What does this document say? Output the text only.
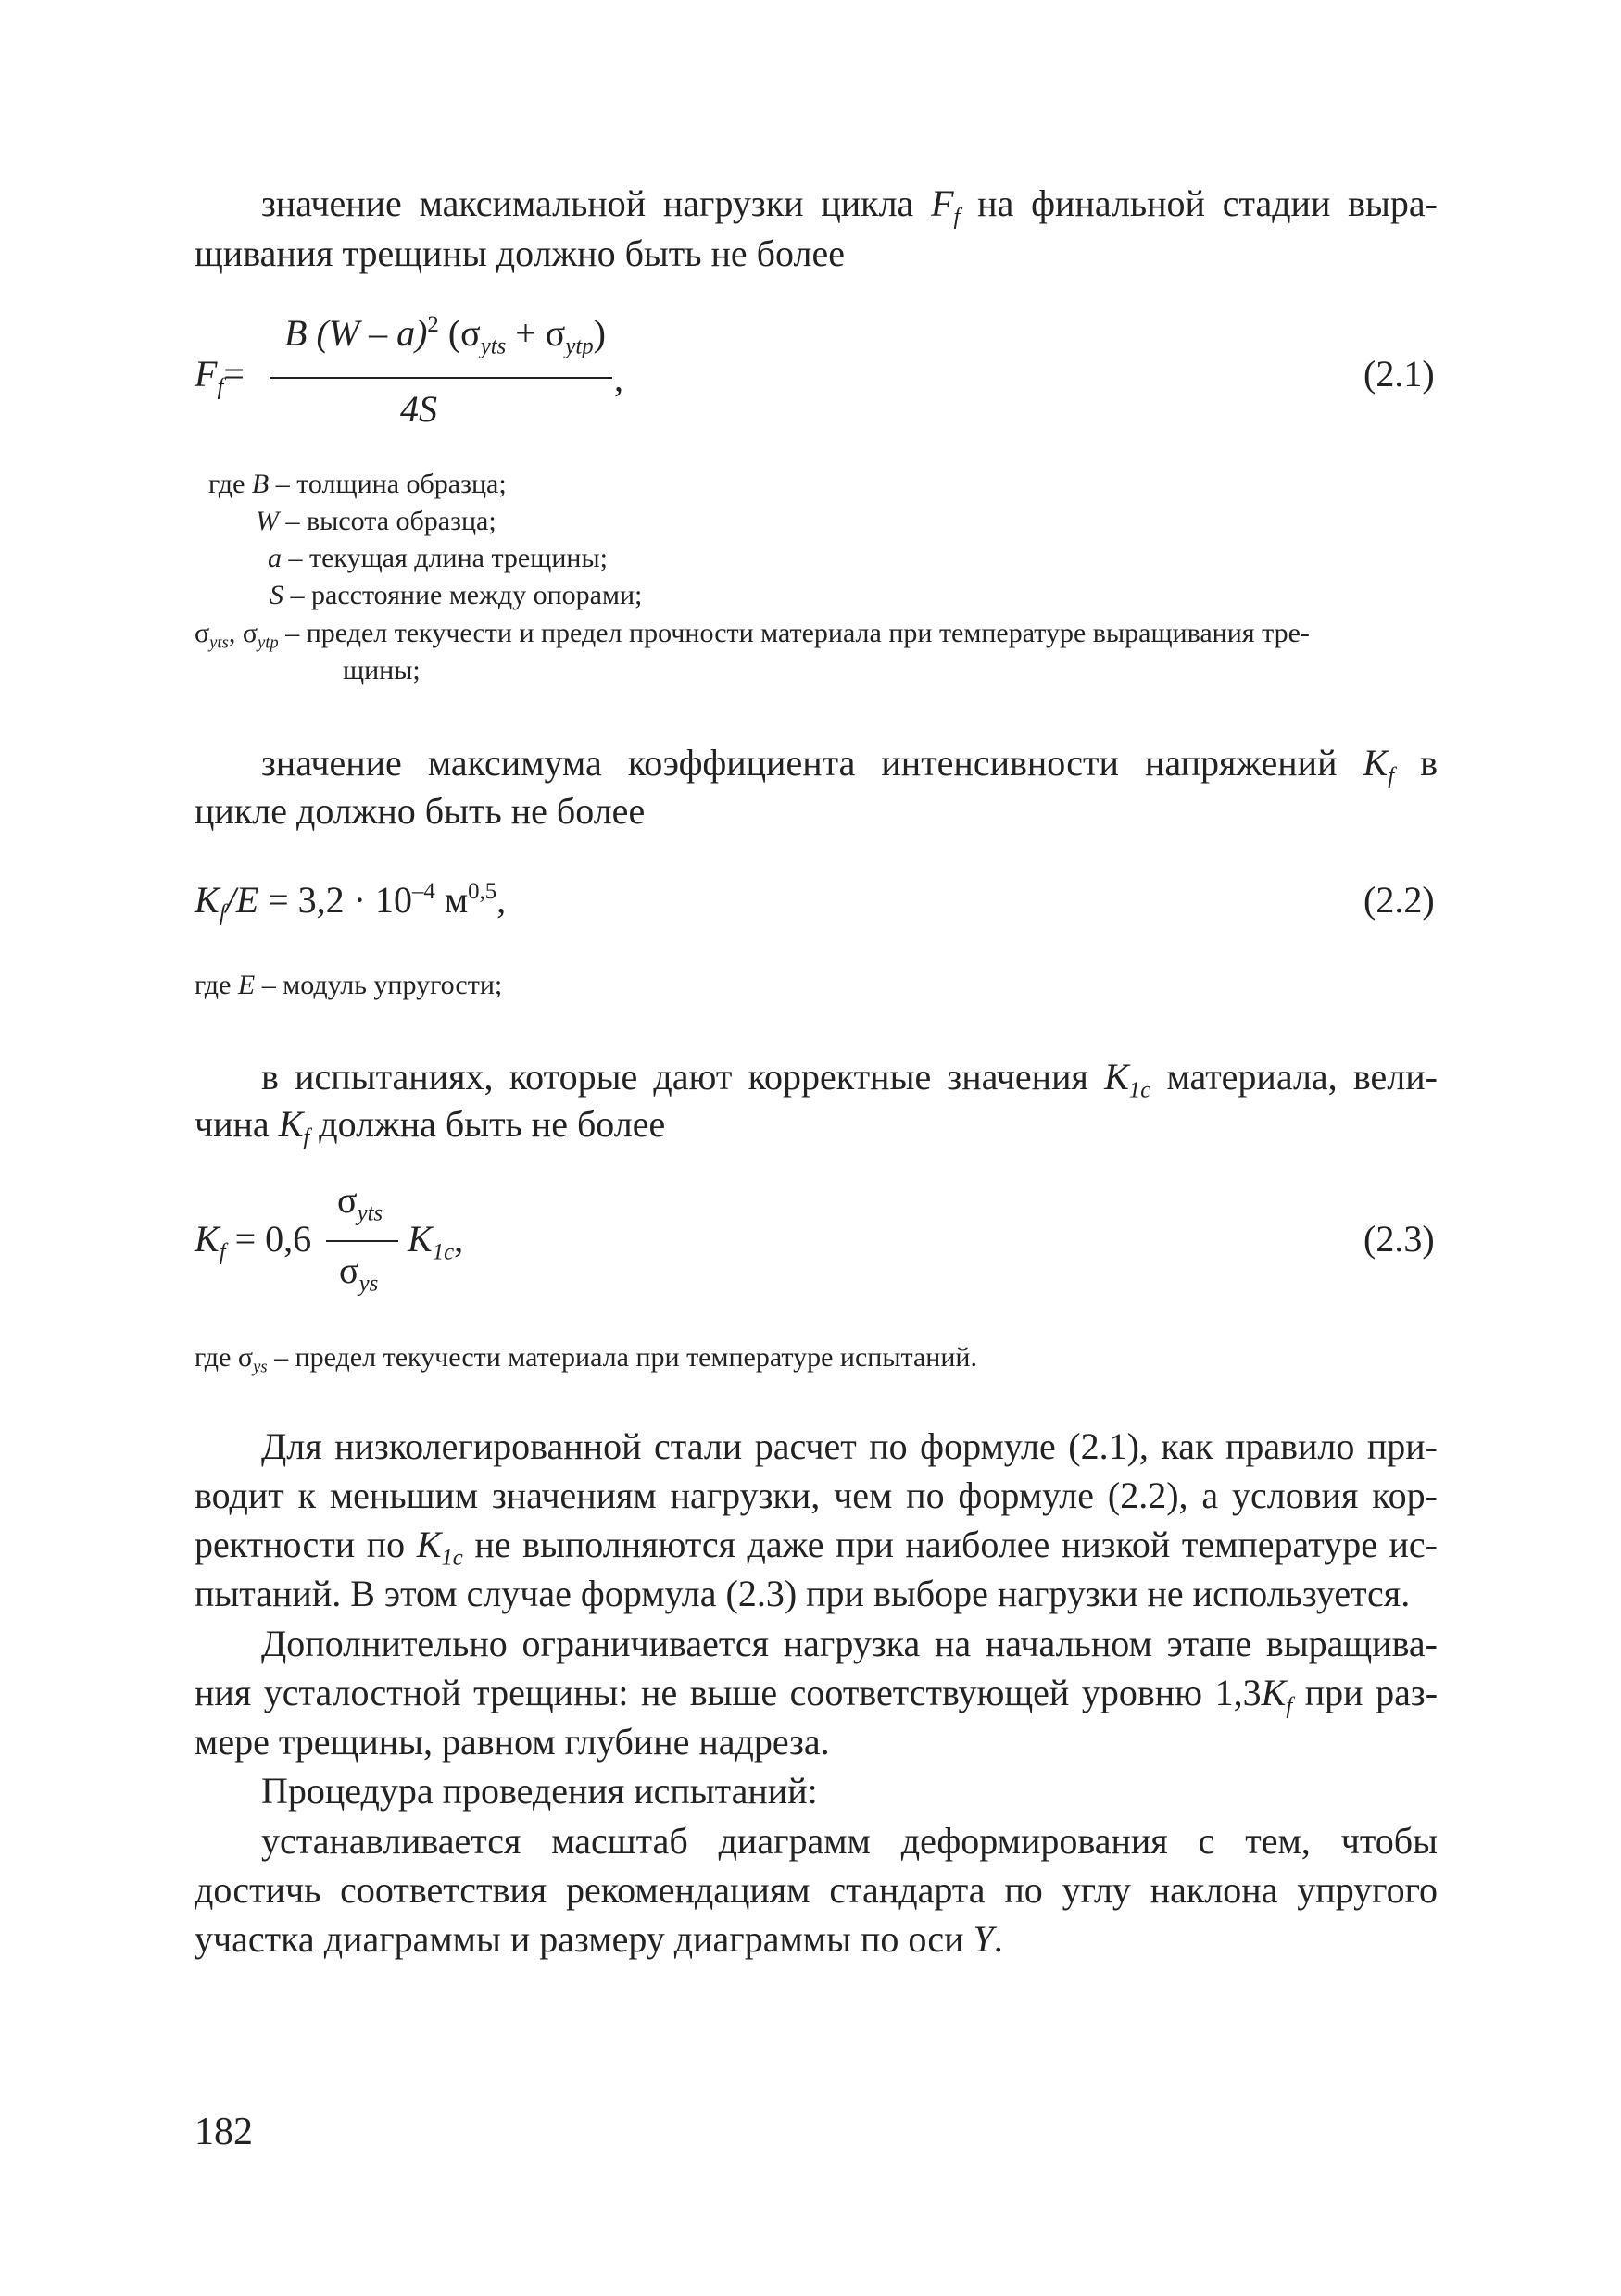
значение максимальной нагрузки цикла $F_f$ на финальной стадии выра-
щивания трещины должно быть не более
$F_f=$
B (W – a)$^2$ $(\sigma_{yts} + \sigma_{ytp})$
4S
,	(2.1)
где B – толщина образца;
W – высота образца;
a – текущая длина трещины;
S – расстояние между опорами;
$\sigma_{yts}$, $\sigma_{ytp}$ – предел текучести и предел прочности материала при температуре выращивания тре-
щины;
значение максимума коэффициента интенсивности напряжений $K_f$ в
цикле должно быть не более
$K_f/E = 3,2 \cdot 10^{-4}$ $м^{0,5}$,	(2.2)
где E – модуль упругости;
в испытаниях, которые дают корректные значения $K_{1c}$ материала, вели-
чина $K_f$ должна быть не более
$K_f = 0,6$
$\sigma_{yts}$
$\sigma_{ys}$
$K_{1c}$,	(2.3)
где $\sigma_{ys}$ – предел текучести материала при температуре испытаний.
Для низколегированной стали расчет по формуле (2.1), как правило при-
водит к меньшим значениям нагрузки, чем по формуле (2.2), а условия кор-
ректности по $K_{1c}$ не выполняются даже при наиболее низкой температуре ис-
пытаний. В этом случае формула (2.3) при выборе нагрузки не используется.
Дополнительно ограничивается нагрузка на начальном этапе выращива-
ния усталостной трещины: не выше соответствующей уровню $1,3K_f$ при раз-
мере трещины, равном глубине надреза.
Процедура проведения испытаний:
устанавливается масштаб диаграмм деформирования с тем, чтобы
достичь соответствия рекомендациям стандарта по углу наклона упругого
участка диаграммы и размеру диаграммы по оси Y.
182
